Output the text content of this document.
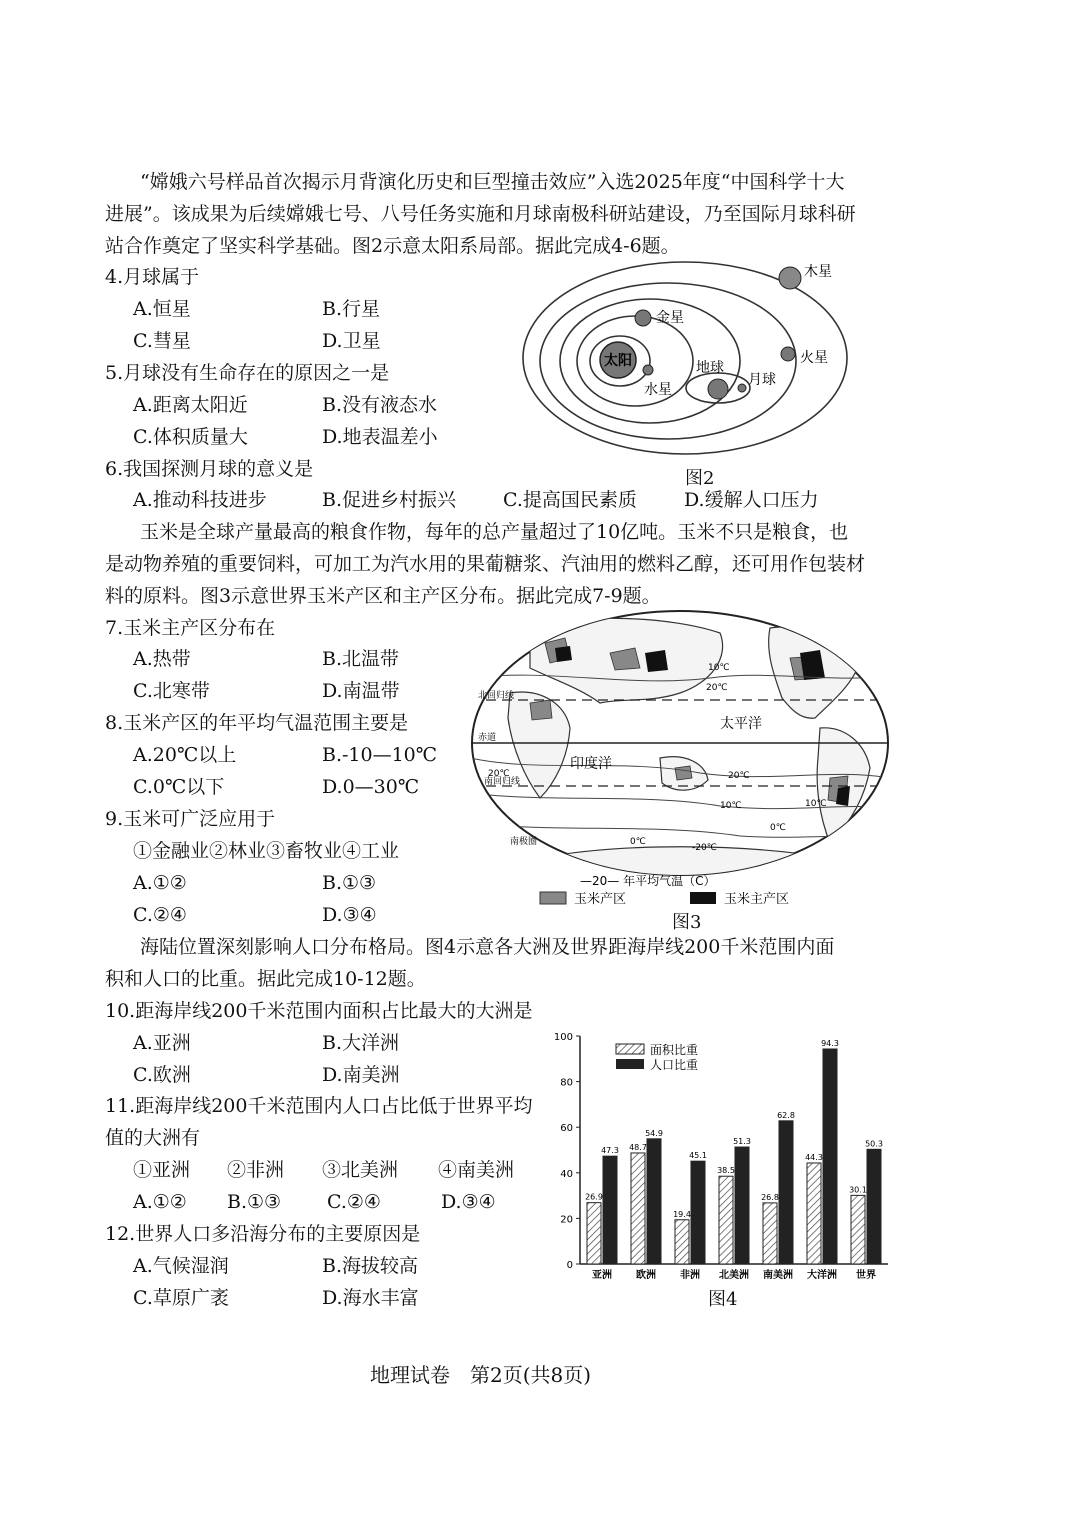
“嫦娥六号样品首次揭示月背演化历史和巨型撞击效应”入选2025年度“中国科学十大
进展”。该成果为后续嫦娥七号、八号任务实施和月球南极科研站建设，乃至国际月球科研
站合作奠定了坚实科学基础。图2示意太阳系局部。据此完成4-6题。
4.月球属于
A.恒星	B.行星
C.彗星	D.卫星
5.月球没有生命存在的原因之一是
A.距离太阳近	B.没有液态水
C.体积质量大	D.地表温差小
6.我国探测月球的意义是
A.推动科技进步	B.促进乡村振兴 C.提高国民素质 D.缓解人口压力
太阳
水星
金星
地球
月球
火星
木星
图2
玉米是全球产量最高的粮食作物，每年的总产量超过了10亿吨。玉米不只是粮食，也
是动物养殖的重要饲料，可加工为汽水用的果葡糖浆、汽油用的燃料乙醇，还可用作包装材
料的原料。图3示意世界玉米产区和主产区分布。据此完成7-9题。
7.玉米主产区分布在
A.热带	B.北温带
C.北寒带	D.南温带
8.玉米产区的年平均气温范围主要是
A.20℃以上	B.-10—10℃
C.0℃以下	D.0—30℃
9.玉米可广泛应用于
①金融业②林业③畜牧业④工业
A.①②	B.①③
C.②④	D.③④
北回归线
赤道
南回归线
南极圈
太平洋
印度洋
20℃
20℃
10℃
10℃
0℃
20℃
10℃
0℃
-20℃
—20— 年平均气温（C）
玉米产区	玉米主产区
图3
海陆位置深刻影响人口分布格局。图4示意各大洲及世界距海岸线200千米范围内面
积和人口的比重。据此完成10-12题。
10.距海岸线200千米范围内面积占比最大的大洲是
A.亚洲	B.大洋洲
C.欧洲	D.南美洲
11.距海岸线200千米范围内人口占比低于世界平均
值的大洲有
①亚洲 ②非洲 ③北美洲 ④南美洲
A.①② B.①③ C.②④	D.③④
12.世界人口多沿海分布的主要原因是
A.气候湿润	B.海拔较高
C.草原广袤	D.海水丰富
0
20
40
60
80
100
亚洲 欧洲 非洲 北美洲 南美洲 大洋洲 世界
26.9
47.3 48.7
54.9
19.4
45.1
38.5
51.3
26.8
62.8
44.3
94.3
30.1
50.3
面积比重
人口比重
图4
地理试卷　第2页(共8页)
